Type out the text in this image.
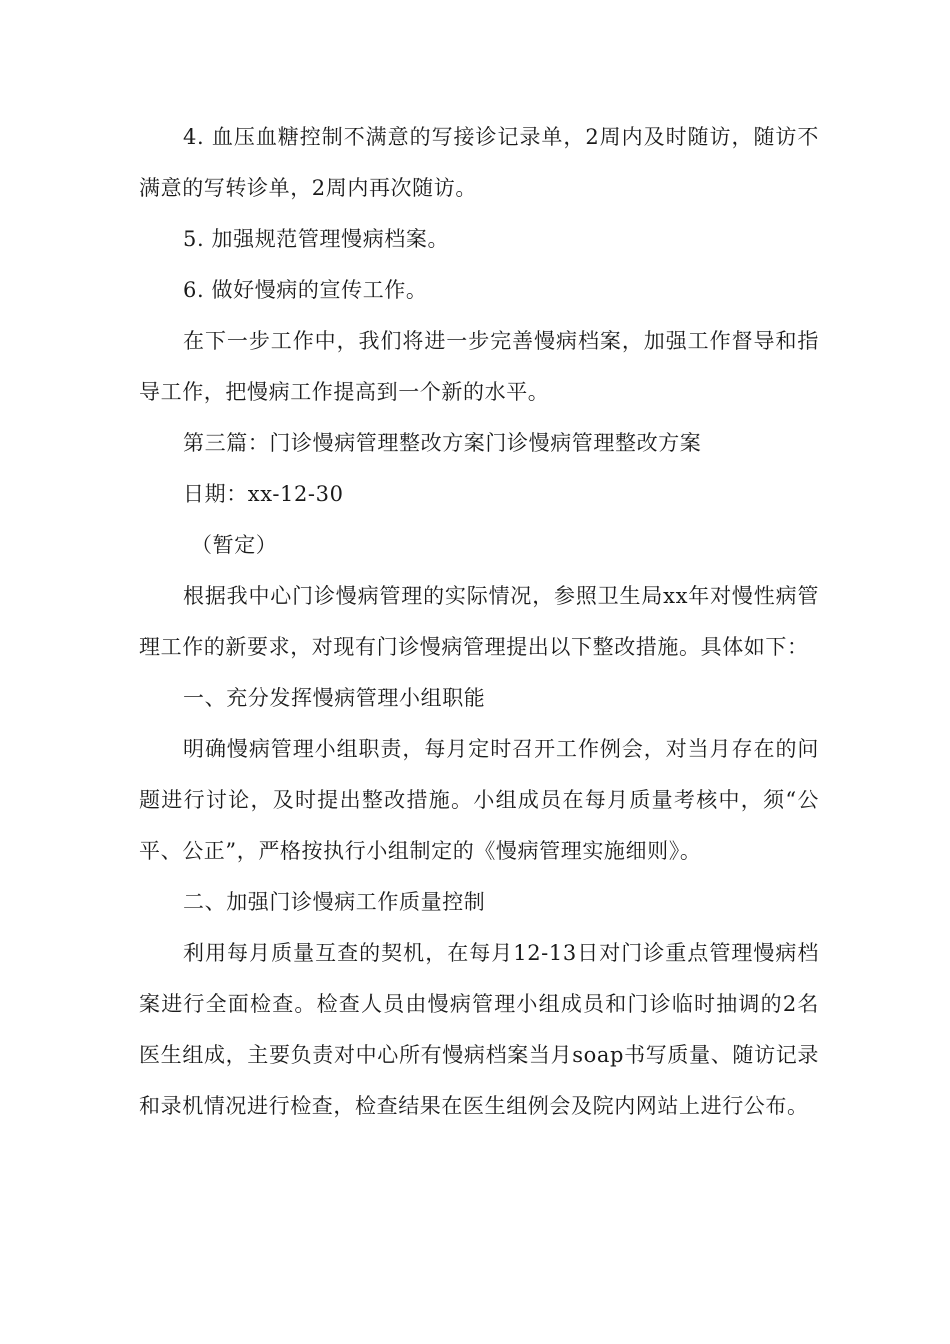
4. 血压血糖控制不满意的写接诊记录单，2周内及时随访，随访不满意的写转诊单，2周内再次随访。

5. 加强规范管理慢病档案。

6. 做好慢病的宣传工作。

在下一步工作中，我们将进一步完善慢病档案，加强工作督导和指导工作，把慢病工作提高到一个新的水平。

第三篇：门诊慢病管理整改方案门诊慢病管理整改方案

日期：xx-12-30

（暂定）

根据我中心门诊慢病管理的实际情况，参照卫生局xx年对慢性病管理工作的新要求，对现有门诊慢病管理提出以下整改措施。具体如下：

一、充分发挥慢病管理小组职能

明确慢病管理小组职责，每月定时召开工作例会，对当月存在的问题进行讨论，及时提出整改措施。小组成员在每月质量考核中，须“公平、公正”，严格按执行小组制定的《慢病管理实施细则》。

二、加强门诊慢病工作质量控制

利用每月质量互查的契机，在每月12-13日对门诊重点管理慢病档案进行全面检查。检查人员由慢病管理小组成员和门诊临时抽调的2名医生组成，主要负责对中心所有慢病档案当月soap书写质量、随访记录和录机情况进行检查，检查结果在医生组例会及院内网站上进行公布。
